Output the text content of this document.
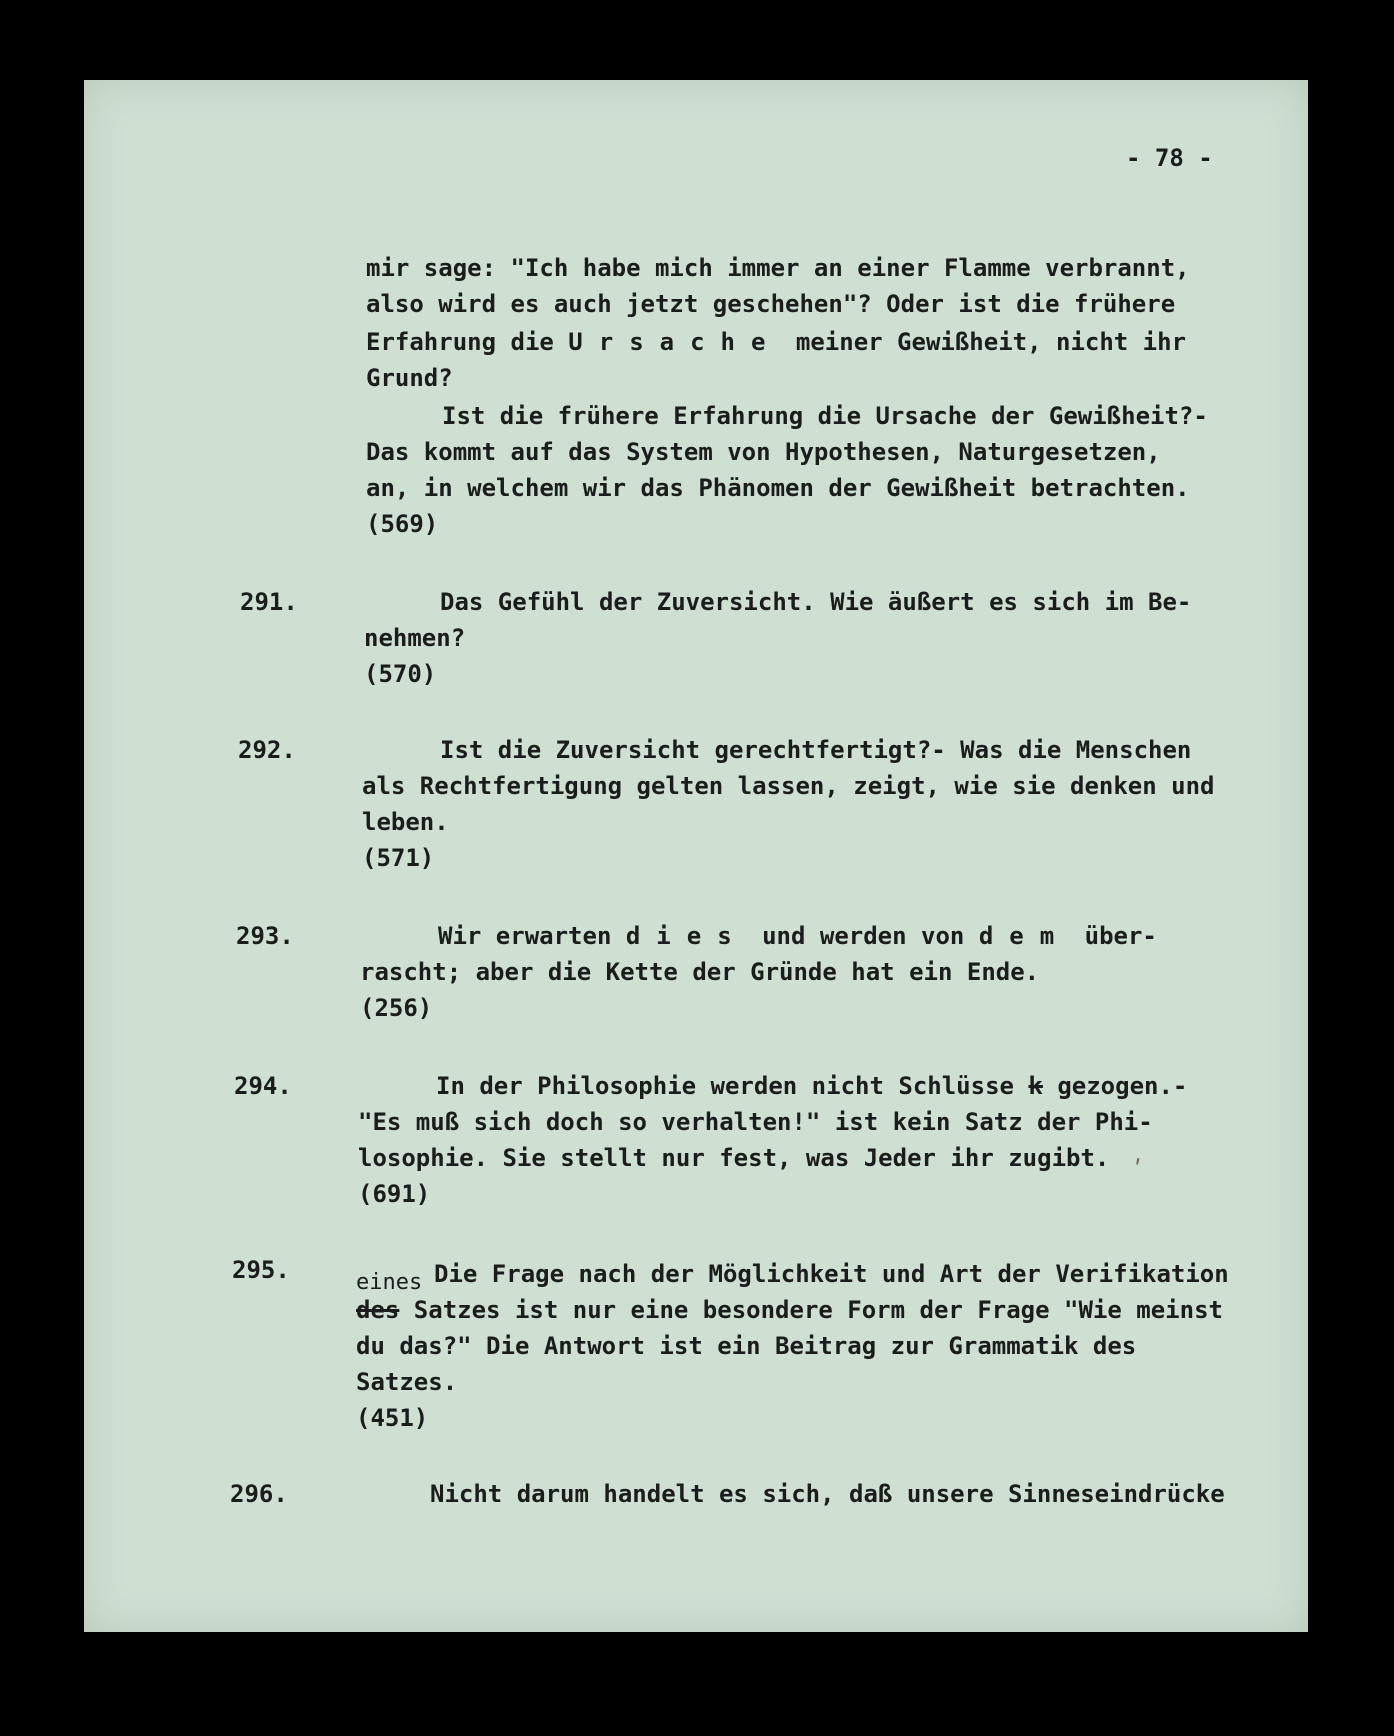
- 78 -
mir sage: "Ich habe mich immer an einer Flamme verbrannt,
also wird es auch jetzt geschehen"? Oder ist die frühere
Erfahrung die Ursache meiner Gewißheit, nicht ihr
Grund?
Ist die frühere Erfahrung die Ursache der Gewißheit?-
Das kommt auf das System von Hypothesen, Naturgesetzen,
an, in welchem wir das Phänomen der Gewißheit betrachten.
(569)
291.	Das Gefühl der Zuversicht. Wie äußert es sich im Be-
nehmen?
(570)
292.	Ist die Zuversicht gerechtfertigt?- Was die Menschen
als Rechtfertigung gelten lassen, zeigt, wie sie denken und
leben.
(571)
293.	Wir erwarten dies und werden von dem über-
rascht; aber die Kette der Gründe hat ein Ende.
(256)
294.	In der Philosophie werden nicht Schlüsse k gezogen.-
"Es muß sich doch so verhalten!" ist kein Satz der Phi-
losophie. Sie stellt nur fest, was Jeder ihr zugibt.
(691)
295.	eines Die Frage nach der Möglichkeit und Art der Verifikation
des Satzes ist nur eine besondere Form der Frage "Wie meinst
du das?" Die Antwort ist ein Beitrag zur Grammatik des
Satzes.
(451)
296.	Nicht darum handelt es sich, daß unsere Sinneseindrücke
ʹ
